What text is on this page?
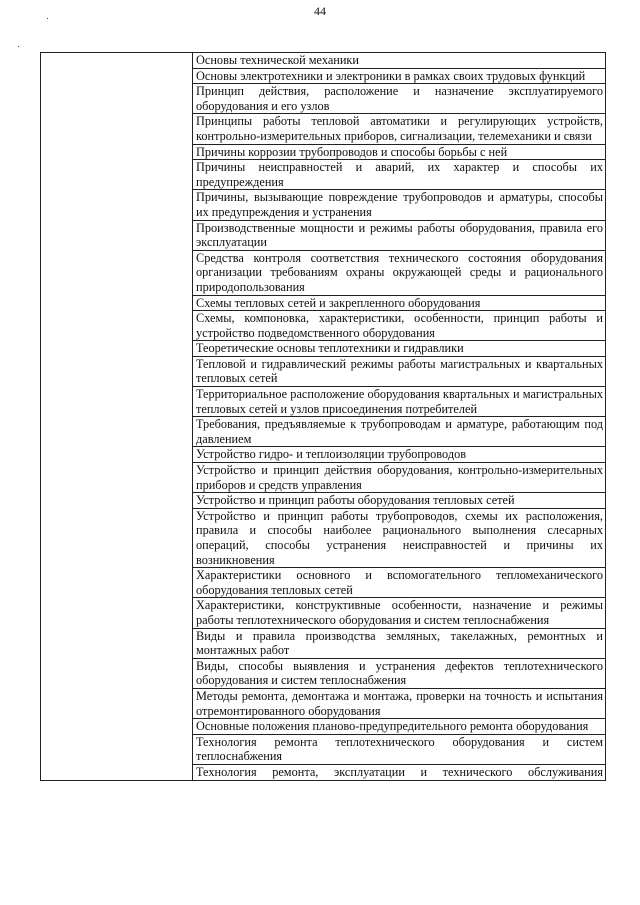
44
	Основы технической механики
Основы электротехники и электроники в рамках своих трудовых функций
Принцип действия, расположение и назначение эксплуатируемого оборудования и его узлов
Принципы работы тепловой автоматики и регулирующих устройств, контрольно-измерительных приборов, сигнализации, телемеханики и связи
Причины коррозии трубопроводов и способы борьбы с ней
Причины неисправностей и аварий, их характер и способы их предупреждения
Причины, вызывающие повреждение трубопроводов и арматуры, способы их предупреждения и устранения
Производственные мощности и режимы работы оборудования, правила его эксплуатации
Средства контроля соответствия технического состояния оборудования организации требованиям охраны окружающей среды и рационального природопользования
Схемы тепловых сетей и закрепленного оборудования
Схемы, компоновка, характеристики, особенности, принцип работы и устройство подведомственного оборудования
Теоретические основы теплотехники и гидравлики
Тепловой и гидравлический режимы работы магистральных и квартальных тепловых сетей
Территориальное расположение оборудования квартальных и магистральных тепловых сетей и узлов присоединения потребителей
Требования, предъявляемые к трубопроводам и арматуре, работающим под давлением
Устройство гидро- и теплоизоляции трубопроводов
Устройство и принцип действия оборудования, контрольно-измерительных приборов и средств управления
Устройство и принцип работы оборудования тепловых сетей
Устройство и принцип работы трубопроводов, схемы их расположения, правила и способы наиболее рационального выполнения слесарных операций, способы устранения неисправностей и причины их возникновения
Характеристики основного и вспомогательного тепломеханического оборудования тепловых сетей
Характеристики, конструктивные особенности, назначение и режимы работы теплотехнического оборудования и систем теплоснабжения
Виды и правила производства земляных, такелажных, ремонтных и монтажных работ
Виды, способы выявления и устранения дефектов теплотехнического оборудования и систем теплоснабжения
Методы ремонта, демонтажа и монтажа, проверки на точность и испытания отремонтированного оборудования
Основные положения планово-предупредительного ремонта оборудования
Технология ремонта теплотехнического оборудования и систем теплоснабжения
Технология ремонта, эксплуатации и технического обслуживания
